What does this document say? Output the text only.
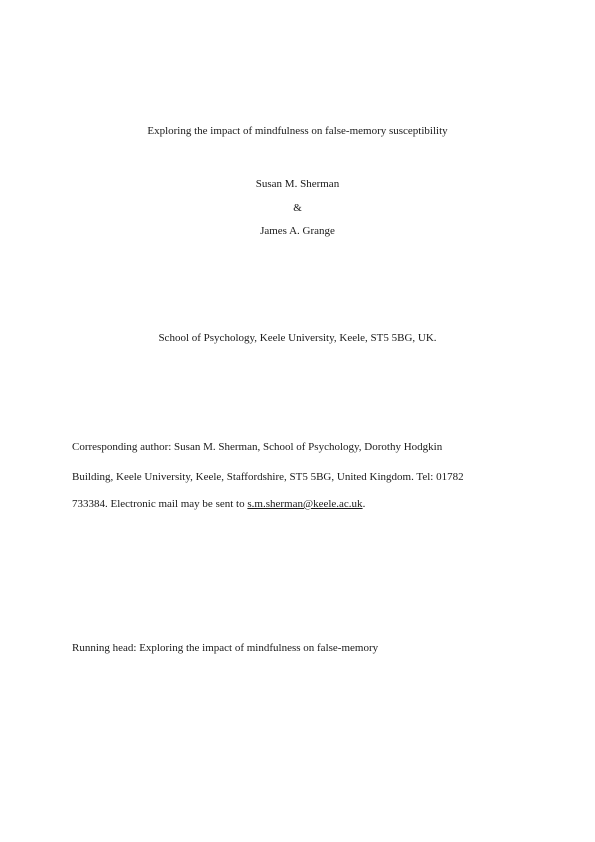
Exploring the impact of mindfulness on false-memory susceptibility
Susan M. Sherman
&
James A. Grange
School of Psychology, Keele University, Keele, ST5 5BG, UK.
Corresponding author: Susan M. Sherman, School of Psychology, Dorothy Hodgkin
Building, Keele University, Keele, Staffordshire, ST5 5BG, United Kingdom. Tel: 01782
733384. Electronic mail may be sent to s.m.sherman@keele.ac.uk.
Running head: Exploring the impact of mindfulness on false-memory
